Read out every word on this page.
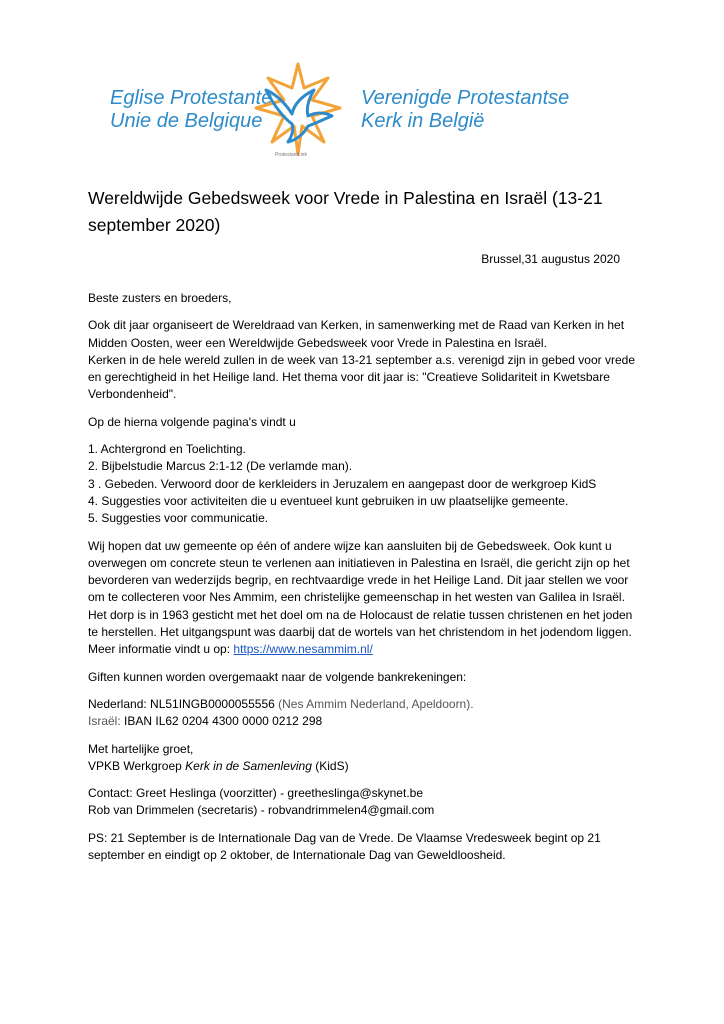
Eglise Protestante
Unie de Belgique
ProtestantLink
Verenigde Protestantse
Kerk in België
Wereldwijde Gebedsweek voor Vrede in Palestina en Israël (13-21 september 2020)
Brussel,31 augustus 2020

Beste zusters en broeders,

Ook dit jaar organiseert de Wereldraad van Kerken, in samenwerking met de Raad van Kerken in het Midden Oosten, weer een Wereldwijde Gebedsweek voor Vrede in Palestina en Israël.
Kerken in de hele wereld zullen in de week van 13-21 september a.s. verenigd zijn in gebed voor vrede en gerechtigheid in het Heilige land. Het thema voor dit jaar is: "Creatieve Solidariteit in Kwetsbare Verbondenheid".

Op de hierna volgende pagina's vindt u

1. Achtergrond en Toelichting.
2. Bijbelstudie Marcus 2:1-12 (De verlamde man).
3 . Gebeden. Verwoord door de kerkleiders in Jeruzalem en aangepast door de werkgroep KidS
4. Suggesties voor activiteiten die u eventueel kunt gebruiken in uw plaatselijke gemeente.
5. Suggesties voor communicatie.

Wij hopen dat uw gemeente op één of andere wijze kan aansluiten bij de Gebedsweek. Ook kunt u overwegen om concrete steun te verlenen aan initiatieven in Palestina en Israël, die gericht zijn op het bevorderen van wederzijds begrip, en rechtvaardige vrede in het Heilige Land. Dit jaar stellen we voor om te collecteren voor Nes Ammim, een christelijke gemeenschap in het westen van Galilea in Israël. Het dorp is in 1963 gesticht met het doel om na de Holocaust de relatie tussen christenen en het joden te herstellen. Het uitgangspunt was daarbij dat de wortels van het christendom in het jodendom liggen. Meer informatie vindt u op: https://www.nesammim.nl/

Giften kunnen worden overgemaakt naar de volgende bankrekeningen:

Nederland: NL51INGB0000055556 (Nes Ammim Nederland, Apeldoorn).
Israël: IBAN IL62 0204 4300 0000 0212 298

Met hartelijke groet,
VPKB Werkgroep Kerk in de Samenleving (KidS)

Contact: Greet Heslinga (voorzitter) - greetheslinga@skynet.be
Rob van Drimmelen (secretaris) - robvandrimmelen4@gmail.com

PS: 21 September is de Internationale Dag van de Vrede. De Vlaamse Vredesweek begint op 21 september en eindigt op 2 oktober, de Internationale Dag van Geweldloosheid.
